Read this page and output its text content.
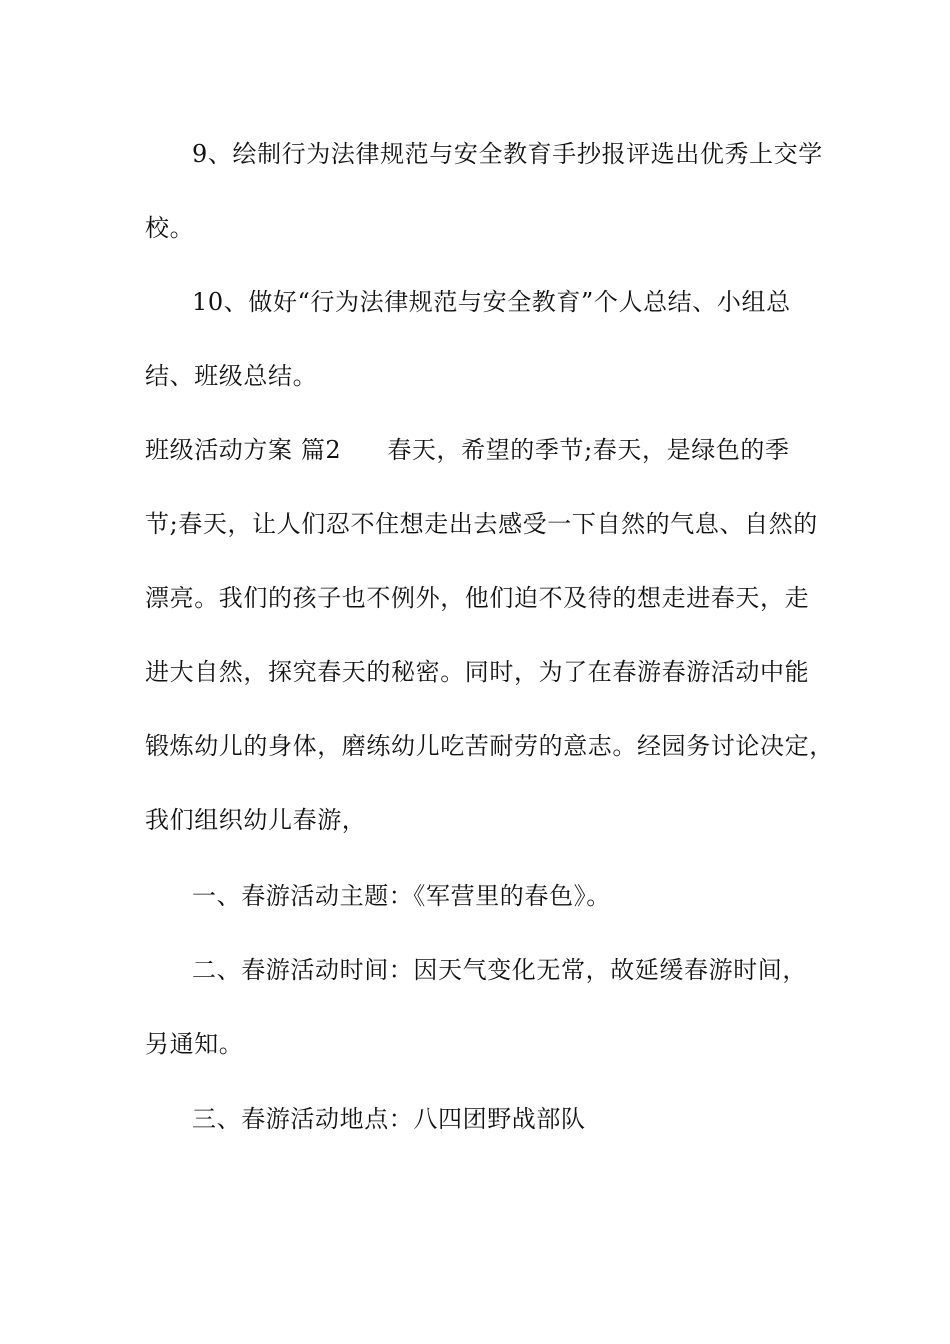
9、绘制行为法律规范与安全教育手抄报评选出优秀上交学
校。
10、做好“行为法律规范与安全教育”个人总结、小组总
结、班级总结。
班级活动方案 篇2 春天，希望的季节;春天，是绿色的季
节;春天，让人们忍不住想走出去感受一下自然的气息、自然的
漂亮。我们的孩子也不例外，他们迫不及待的想走进春天，走
进大自然，探究春天的秘密。同时，为了在春游春游活动中能
锻炼幼儿的身体，磨练幼儿吃苦耐劳的意志。经园务讨论决定，
我们组织幼儿春游，
一、春游活动主题：《军营里的春色》。
二、春游活动时间：因天气变化无常，故延缓春游时间，
另通知。
三、春游活动地点：八四团野战部队
